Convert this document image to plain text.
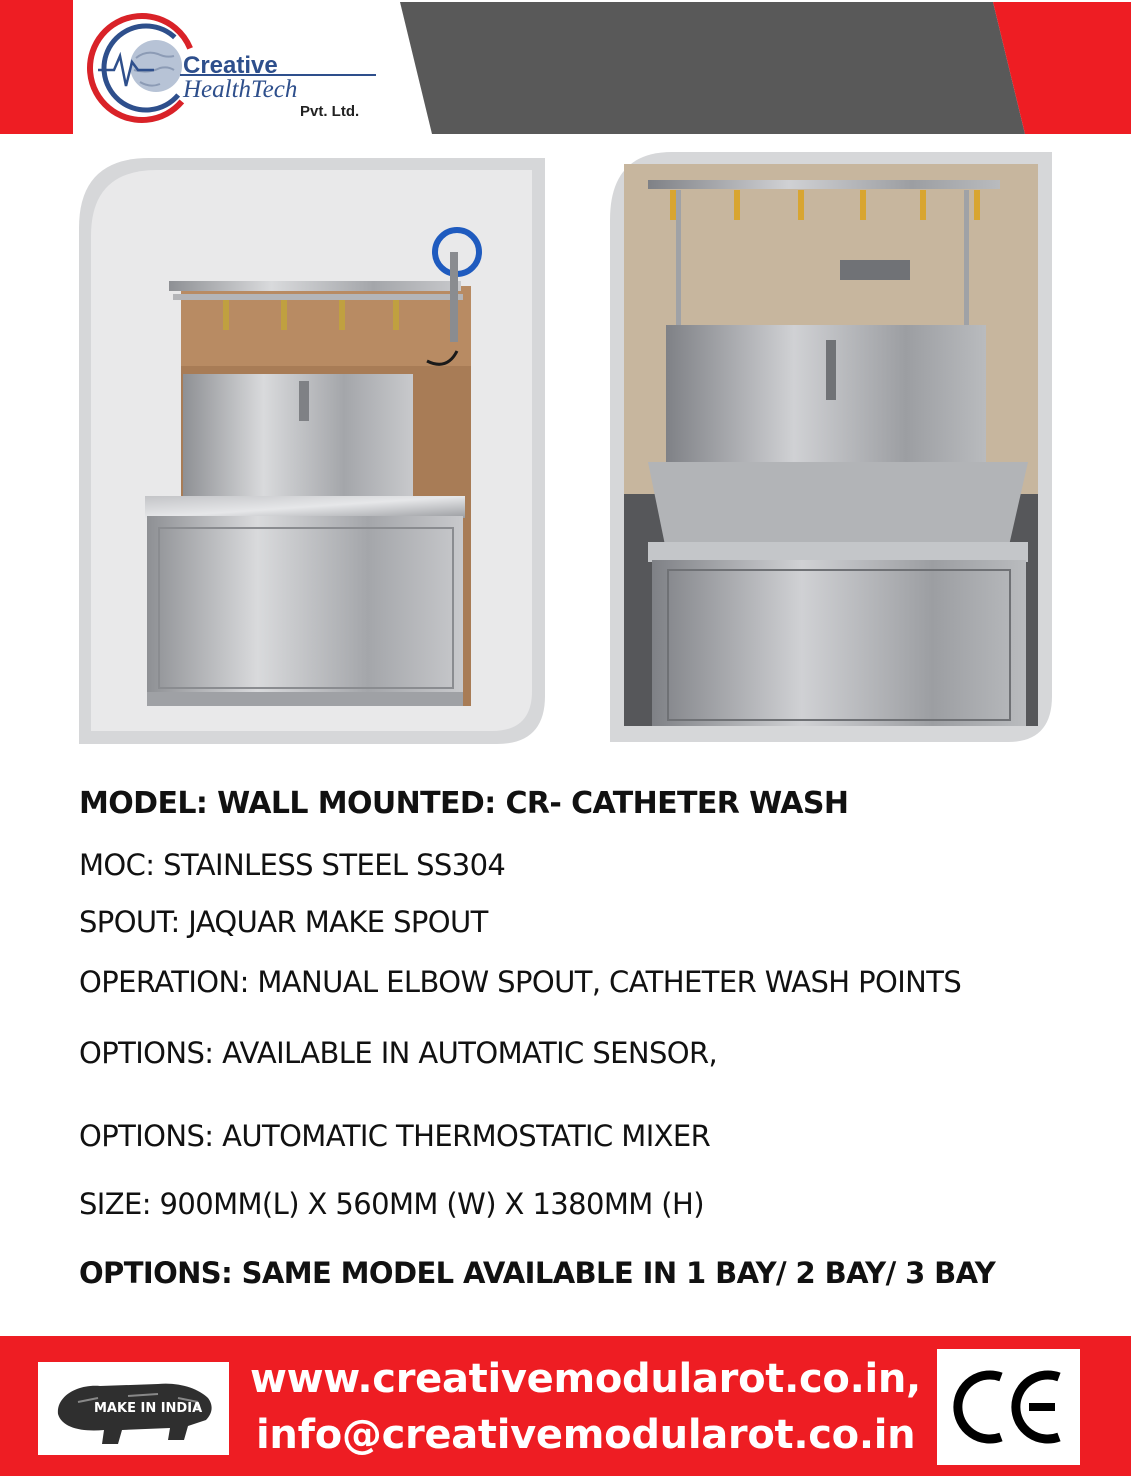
Creative
HealthTech
Pvt. Ltd.
MODEL: WALL MOUNTED: CR- CATHETER WASH
MOC: STAINLESS STEEL SS304
SPOUT: JAQUAR MAKE SPOUT
OPERATION: MANUAL ELBOW SPOUT, CATHETER WASH POINTS
OPTIONS: AVAILABLE IN AUTOMATIC SENSOR,
OPTIONS: AUTOMATIC THERMOSTATIC MIXER
SIZE: 900MM(L) X 560MM (W) X 1380MM (H)
OPTIONS: SAME MODEL AVAILABLE IN 1 BAY/ 2 BAY/ 3 BAY
MAKE IN INDIA
www.creativemodularot.co.in,
info@creativemodularot.co.in
